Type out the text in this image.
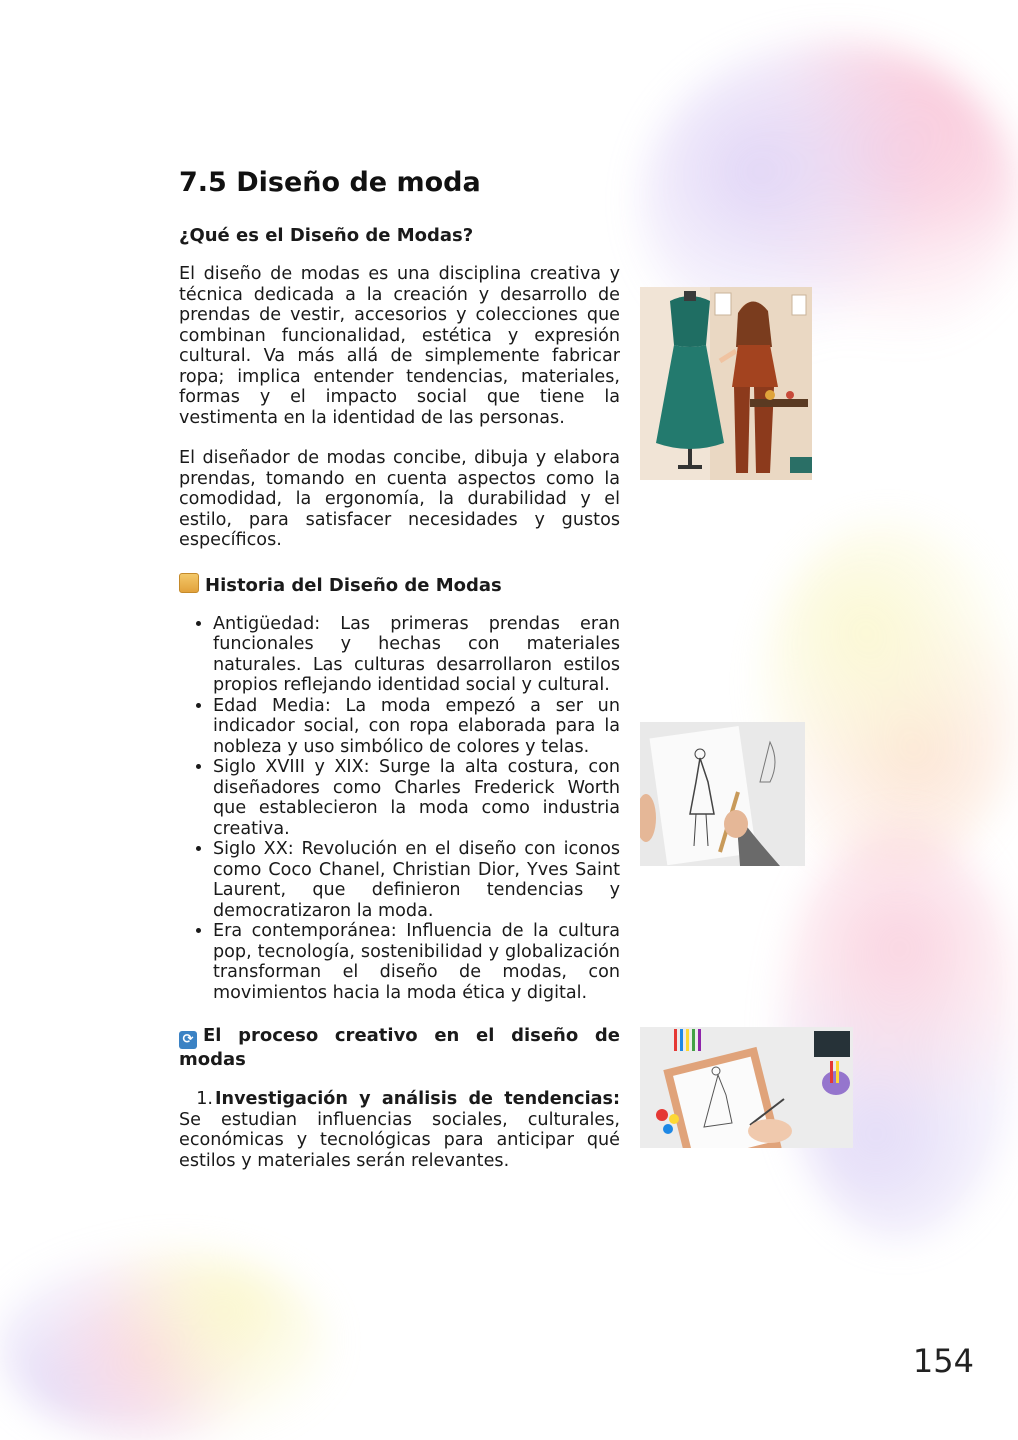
7.5 Diseño de moda
¿Qué es el Diseño de Modas?

El diseño de modas es una disciplina creativa y técnica dedicada a la creación y desarrollo de prendas de vestir, accesorios y colecciones que combinan funcionalidad, estética y expresión cultural. Va más allá de simplemente fabricar ropa; implica entender tendencias, materiales, formas y el impacto social que tiene la vestimenta en la identidad de las personas.

El diseñador de modas concibe, dibuja y elabora prendas, tomando en cuenta aspectos como la comodidad, la ergonomía, la durabilidad y el estilo, para satisfacer necesidades y gustos específicos.

Historia del Diseño de Modas
• Antigüedad: Las primeras prendas eran funcionales y hechas con materiales naturales. Las culturas desarrollaron estilos propios reflejando identidad social y cultural.
• Edad Media: La moda empezó a ser un indicador social, con ropa elaborada para la nobleza y uso simbólico de colores y telas.
• Siglo XVIII y XIX: Surge la alta costura, con diseñadores como Charles Frederick Worth que establecieron la moda como industria creativa.
• Siglo XX: Revolución en el diseño con iconos como Coco Chanel, Christian Dior, Yves Saint Laurent, que definieron tendencias y democratizaron la moda.
• Era contemporánea: Influencia de la cultura pop, tecnología, sostenibilidad y globalización transforman el diseño de modas, con movimientos hacia la moda ética y digital.
⟳ El proceso creativo en el diseño de modas
1. Investigación y análisis de tendencias: Se estudian influencias sociales, culturales, económicas y tecnológicas para anticipar qué estilos y materiales serán relevantes.
154
